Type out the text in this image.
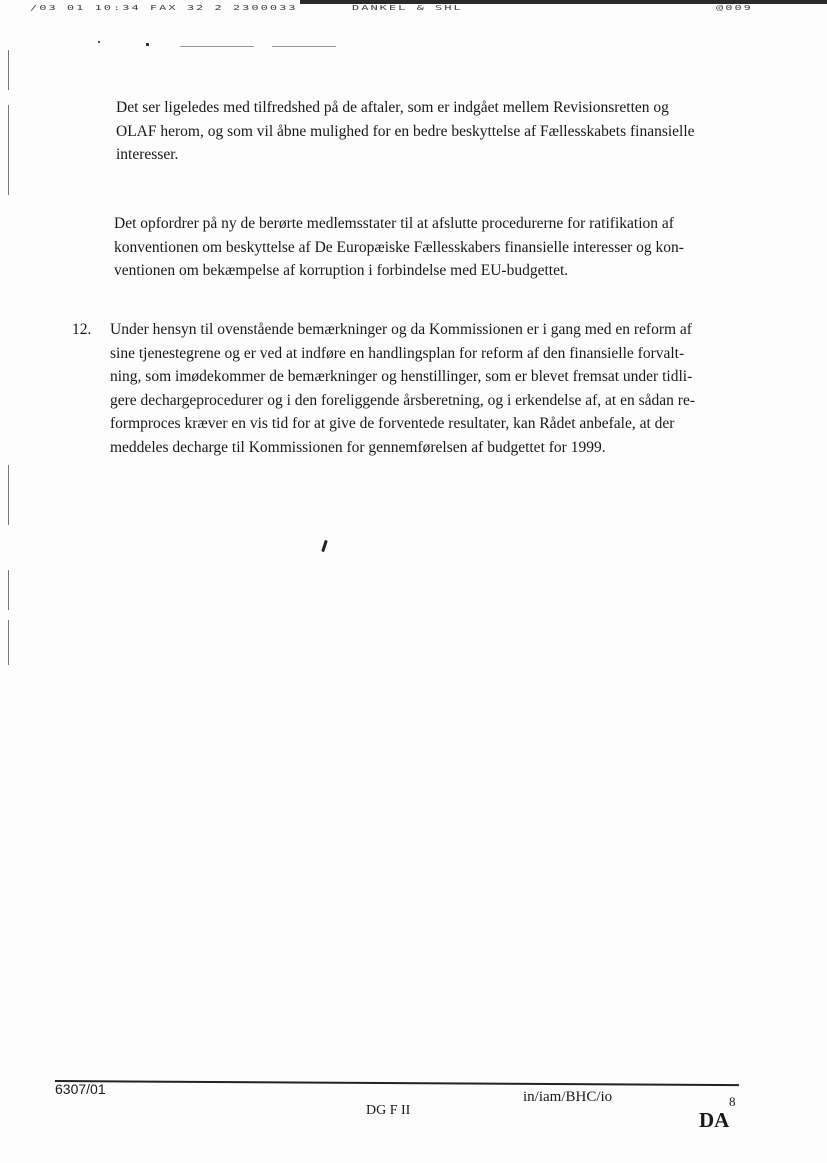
/03 01 10:34 FAX 32 2 2300033	DANKEL & SHL	@009
Det ser ligeledes med tilfredshed på de aftaler, som er indgået mellem Revisionsretten og
OLAF herom, og som vil åbne mulighed for en bedre beskyttelse af Fællesskabets finansielle
interesser.
Det opfordrer på ny de berørte medlemsstater til at afslutte procedurerne for ratifikation af
konventionen om beskyttelse af De Europæiske Fællesskabers finansielle interesser og kon-
ventionen om bekæmpelse af korruption i forbindelse med EU-budgettet.
12. Under hensyn til ovenstående bemærkninger og da Kommissionen er i gang med en reform af
sine tjenestegrene og er ved at indføre en handlingsplan for reform af den finansielle forvalt-
ning, som imødekommer de bemærkninger og henstillinger, som er blevet fremsat under tidli-
gere dechargeprocedurer og i den foreliggende årsberetning, og i erkendelse af, at en sådan re-
formproces kræver en vis tid for at give de forventede resultater, kan Rådet anbefale, at der
meddeles decharge til Kommissionen for gennemførelsen af budgettet for 1999.
6307/01
DG F II
in/iam/BHC/io	8
DA
